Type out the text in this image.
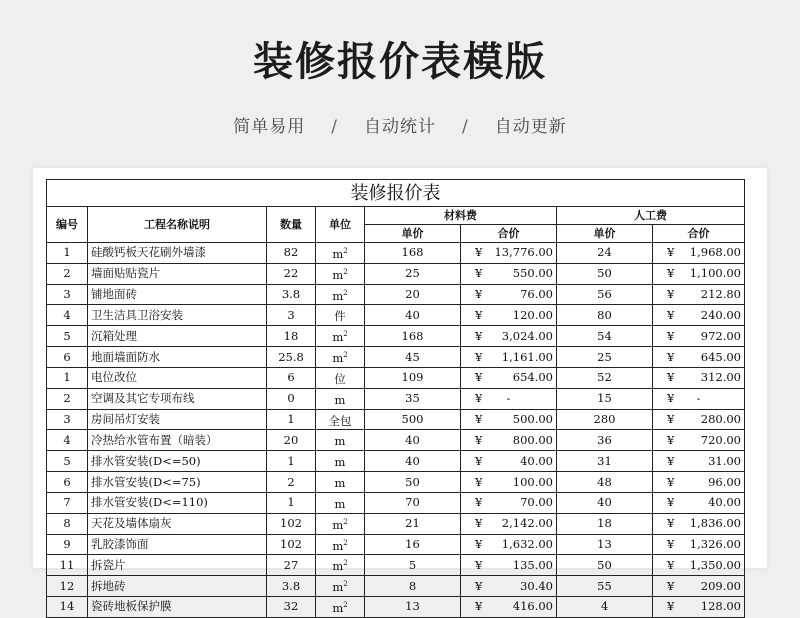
装修报价表模版
简单易用 / 自动统计 / 自动更新
装修报价表							
编号	工程名称说明	数量	单位	材料费		人工费	
				单价	合价	单价	合价
1	硅酸钙板天花刷外墙漆	82	$m^2$	168	¥ 13,776.00	24	¥ 1,968.00
2	墙面贴贴瓷片	22	$m^2$	25	¥ 550.00	50	¥ 1,100.00
3	铺地面砖	3.8	$m^2$	20	¥ 76.00	56	¥ 212.80
4	卫生洁具卫浴安装	3	件	40	¥ 120.00	80	¥ 240.00
5	沉箱处理	18	$m^2$	168	¥ 3,024.00	54	¥ 972.00
6	地面墙面防水	25.8	$m^2$	45	¥ 1,161.00	25	¥ 645.00
1	电位改位	6	位	109	¥ 654.00	52	¥ 312.00
2	空调及其它专项布线	0	m	35	¥ -	15	¥ -
3	房间吊灯安装	1	全包	500	¥ 500.00	280	¥ 280.00
4	冷热给水管布置（暗装）	20	m	40	¥ 800.00	36	¥ 720.00
5	排水管安装(D<=50)	1	m	40	¥ 40.00	31	¥ 31.00
6	排水管安装(D<=75)	2	m	50	¥ 100.00	48	¥ 96.00
7	排水管安装(D<=110)	1	m	70	¥ 70.00	40	¥ 40.00
8	天花及墙体扇灰	102	$m^2$	21	¥ 2,142.00	18	¥ 1,836.00
9	乳胶漆饰面	102	$m^2$	16	¥ 1,632.00	13	¥ 1,326.00
11	拆瓷片	27	$m^2$	5	¥ 135.00	50	¥ 1,350.00
12	拆地砖	3.8	$m^2$	8	¥ 30.40	55	¥ 209.00
14	瓷砖地板保护膜	32	$m^2$	13	¥ 416.00	4	¥ 128.00
